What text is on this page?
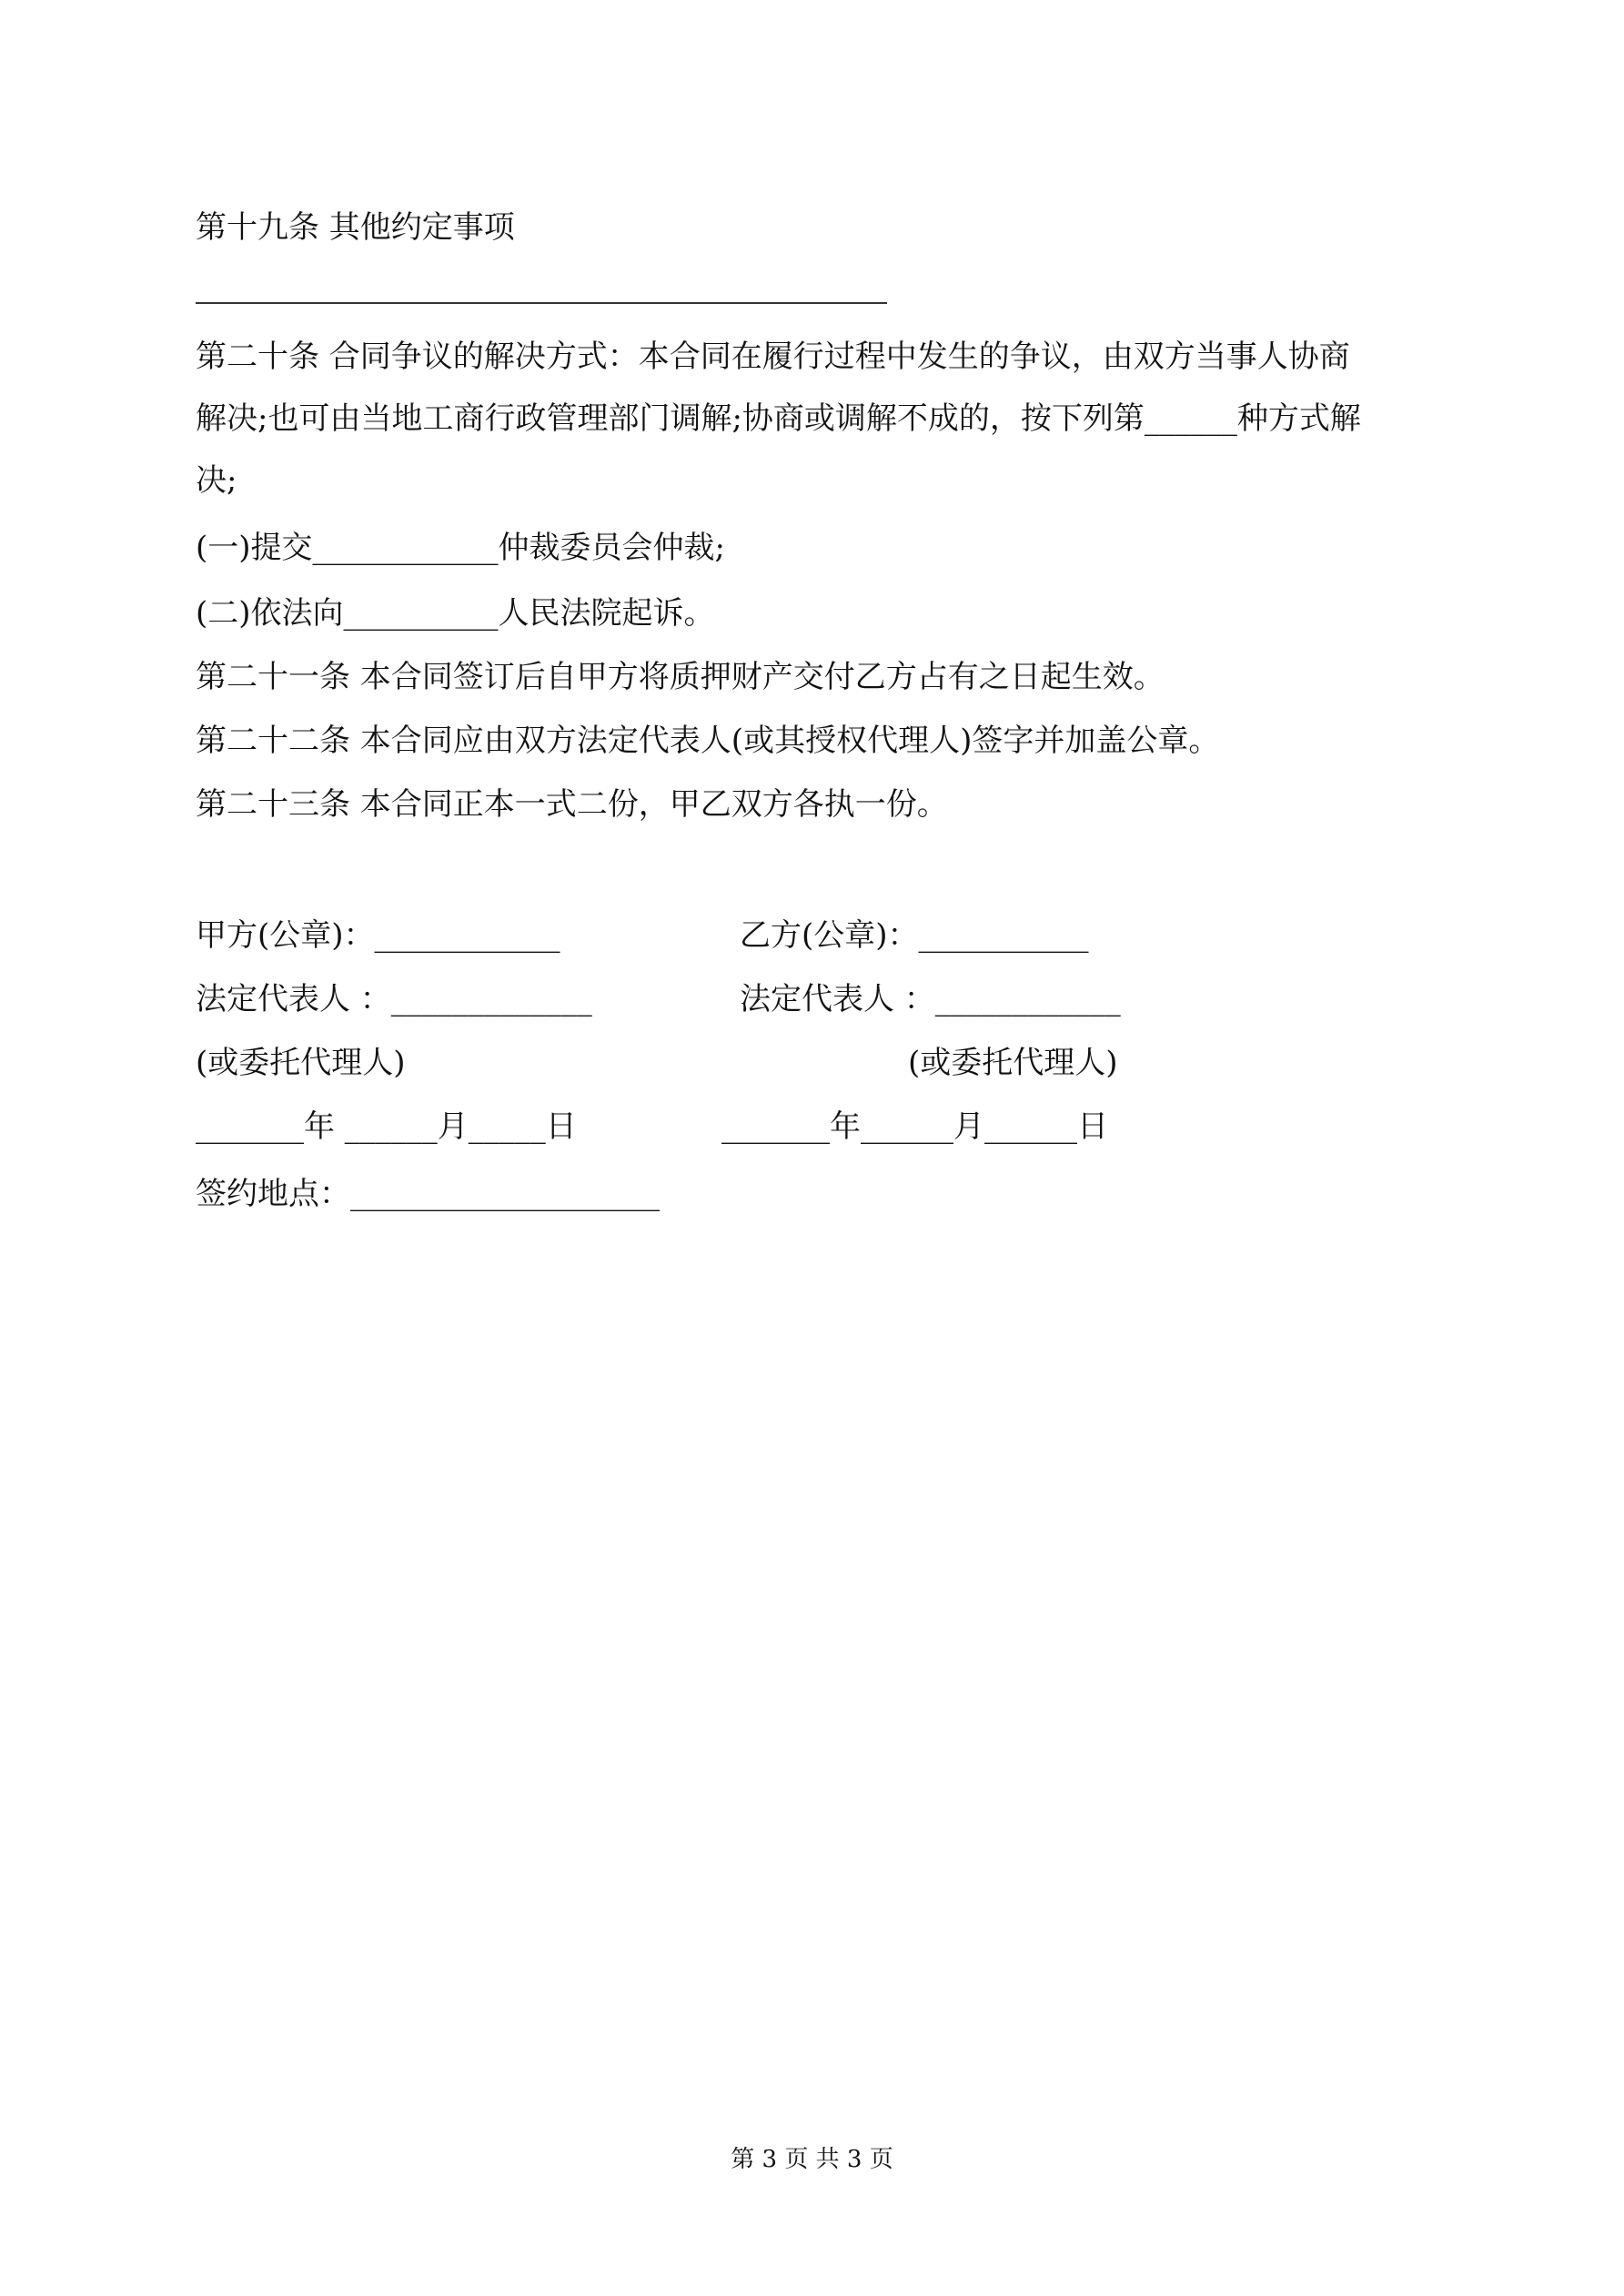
第十九条 其他约定事项
第二十条 合同争议的解决方式：本合同在履行过程中发生的争议，由双方当事人协商
解决;也可由当地工商行政管理部门调解;协商或调解不成的，按下列第______种方式解
决;
(一)提交____________仲裁委员会仲裁;
(二)依法向__________人民法院起诉。
第二十一条 本合同签订后自甲方将质押财产交付乙方占有之日起生效。
第二十二条 本合同应由双方法定代表人(或其授权代理人)签字并加盖公章。
第二十三条 本合同正本一式二份，甲乙双方各执一份。
甲方(公章)：____________	乙方(公章)：___________
法定代表人 ：_____________	法定代表人 ：____________
(或委托代理人)	(或委托代理人)
_______年 ______月_____日	_______年______月______日
签约地点：____________________
第 3 页 共 3 页
